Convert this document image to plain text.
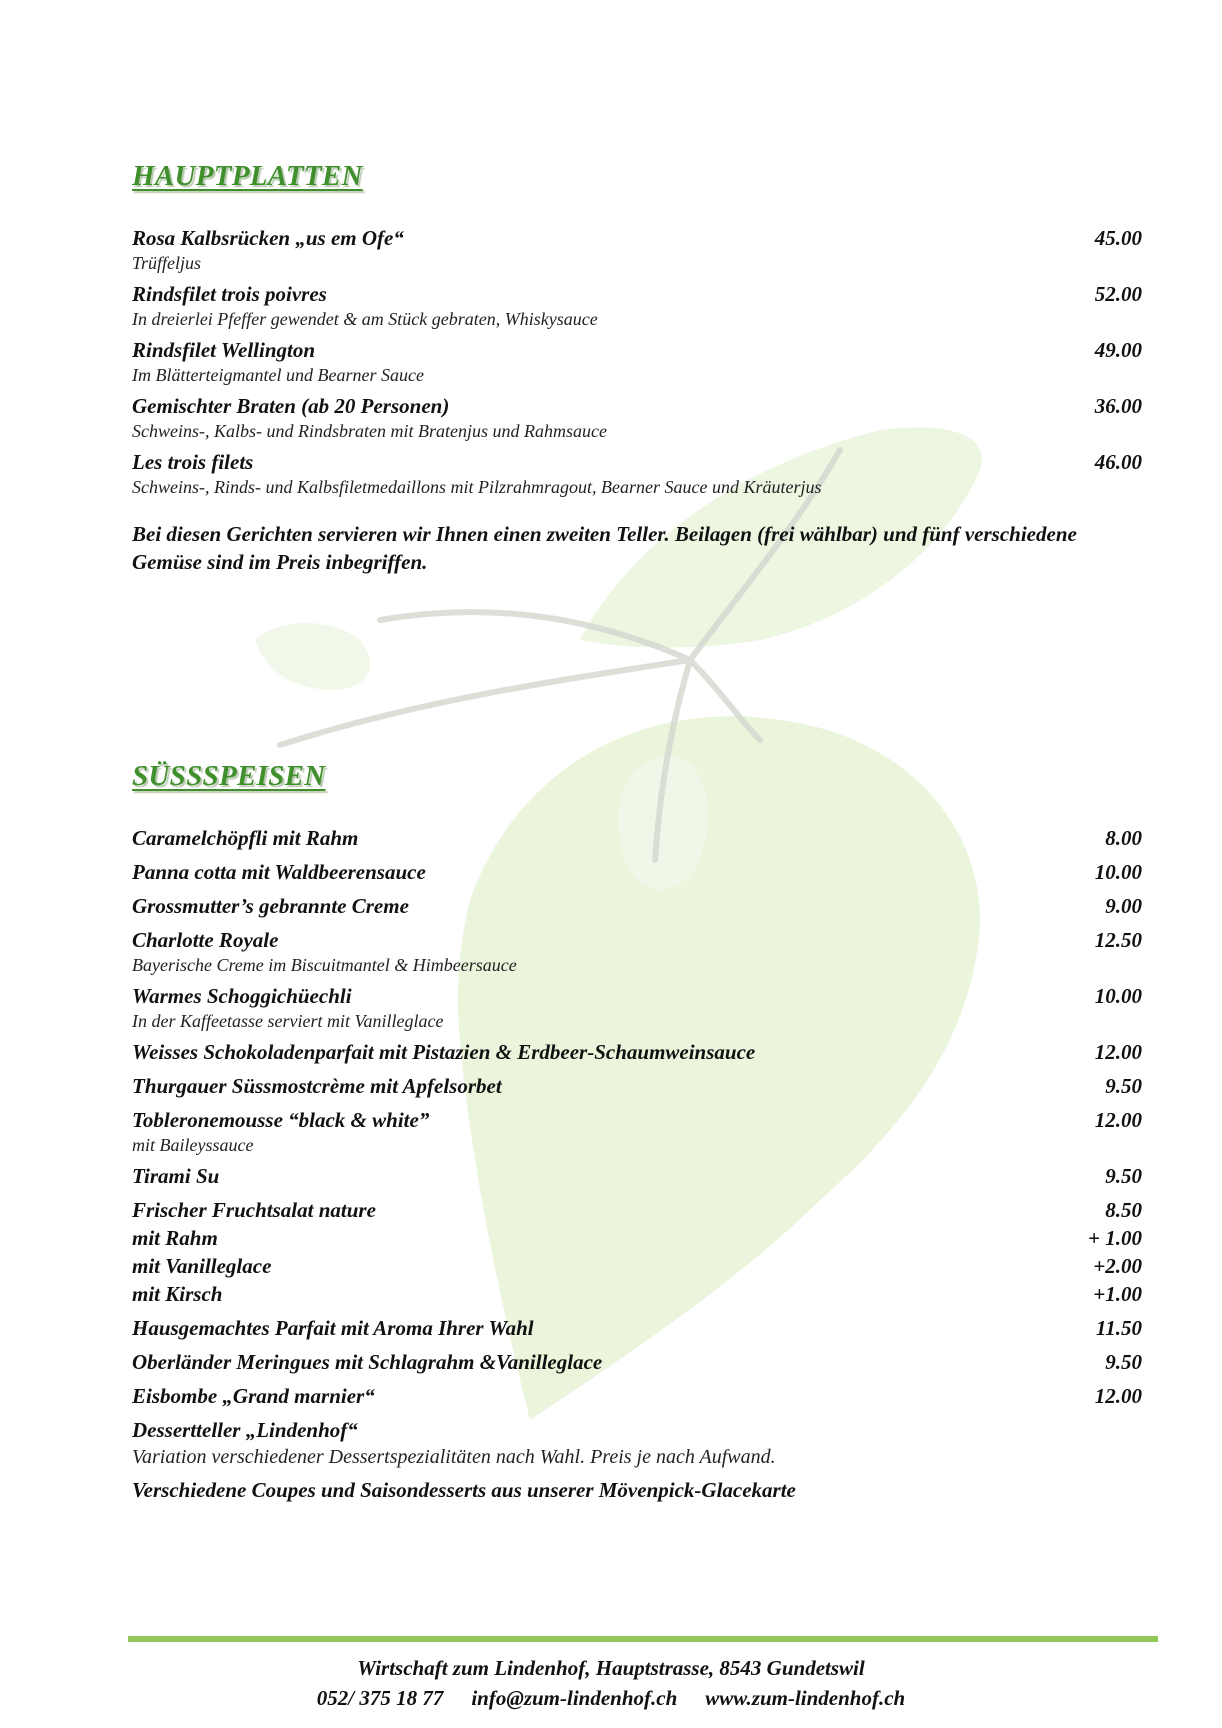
HAUPTPLATTEN
Rosa Kalbsrücken „us em Ofe“	45.00
Trüffeljus
Rindsfilet trois poivres	52.00
In dreierlei Pfeffer gewendet & am Stück gebraten, Whiskysauce
Rindsfilet Wellington	49.00
Im Blätterteigmantel und Bearner Sauce
Gemischter Braten (ab 20 Personen)	36.00
Schweins-, Kalbs- und Rindsbraten mit Bratenjus und Rahmsauce
Les trois filets	46.00
Schweins-, Rinds- und Kalbsfiletmedaillons mit Pilzrahmragout, Bearner Sauce und Kräuterjus
Bei diesen Gerichten servieren wir Ihnen einen zweiten Teller. Beilagen (frei wählbar) und fünf verschiedene Gemüse sind im Preis inbegriffen.
SÜSSSPEISEN
Caramelchöpfli mit Rahm	8.00
Panna cotta mit Waldbeerensauce	10.00
Grossmutter’s gebrannte Creme	9.00
Charlotte Royale	12.50
Bayerische Creme im Biscuitmantel & Himbeersauce
Warmes Schoggichüechli	10.00
In der Kaffeetasse serviert mit Vanilleglace
Weisses Schokoladenparfait mit Pistazien & Erdbeer-Schaumweinsauce	12.00
Thurgauer Süssmostcrème mit Apfelsorbet	9.50
Tobleronemousse “black & white”	12.00
mit Baileyssauce
Tirami Su	9.50
Frischer Fruchtsalat nature	8.50
mit Rahm	+ 1.00
mit Vanilleglace	+2.00
mit Kirsch	+1.00
Hausgemachtes Parfait mit Aroma Ihrer Wahl	11.50
Oberländer Meringues mit Schlagrahm &Vanilleglace	9.50
Eisbombe „Grand marnier“	12.00
Dessertteller „Lindenhof“
Variation verschiedener Dessertspezialitäten nach Wahl. Preis je nach Aufwand.
Verschiedene Coupes und Saisondesserts aus unserer Mövenpick-Glacekarte
Wirtschaft zum Lindenhof, Hauptstrasse, 8543 Gundetswil
052/ 375 18 77 info@zum-lindenhof.ch www.zum-lindenhof.ch
